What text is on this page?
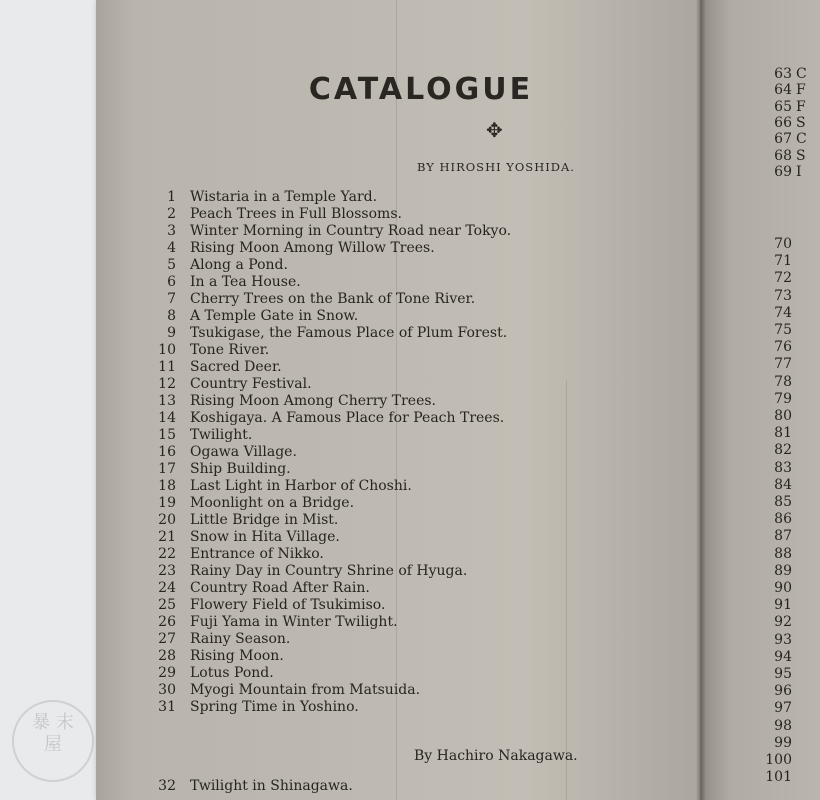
CATALOGUE
✥
BY HIROSHI YOSHIDA.
1 Wistaria in a Temple Yard.
2 Peach Trees in Full Blossoms.
3 Winter Morning in Country Road near Tokyo.
4 Rising Moon Among Willow Trees.
5 Along a Pond.
6 In a Tea House.
7 Cherry Trees on the Bank of Tone River.
8 A Temple Gate in Snow.
9 Tsukigase, the Famous Place of Plum Forest.
10 Tone River.
11 Sacred Deer.
12 Country Festival.
13 Rising Moon Among Cherry Trees.
14 Koshigaya. A Famous Place for Peach Trees.
15 Twilight.
16 Ogawa Village.
17 Ship Building.
18 Last Light in Harbor of Choshi.
19 Moonlight on a Bridge.
20 Little Bridge in Mist.
21 Snow in Hita Village.
22 Entrance of Nikko.
23 Rainy Day in Country Shrine of Hyuga.
24 Country Road After Rain.
25 Flowery Field of Tsukimiso.
26 Fuji Yama in Winter Twilight.
27 Rainy Season.
28 Rising Moon.
29 Lotus Pond.
30 Myogi Mountain from Matsuida.
31 Spring Time in Yoshino.
By Hachiro Nakagawa.
32 Twilight in Shinagawa.
63 C
64 F
65 F
66 S
67 C
68 S
69 I
70
71
72
73
74
75
76
77
78
79
80
81
82
83
84
85
86
87
88
89
90
91
92
93
94
95
96
97
98
99
100
101
暴 末
屋
